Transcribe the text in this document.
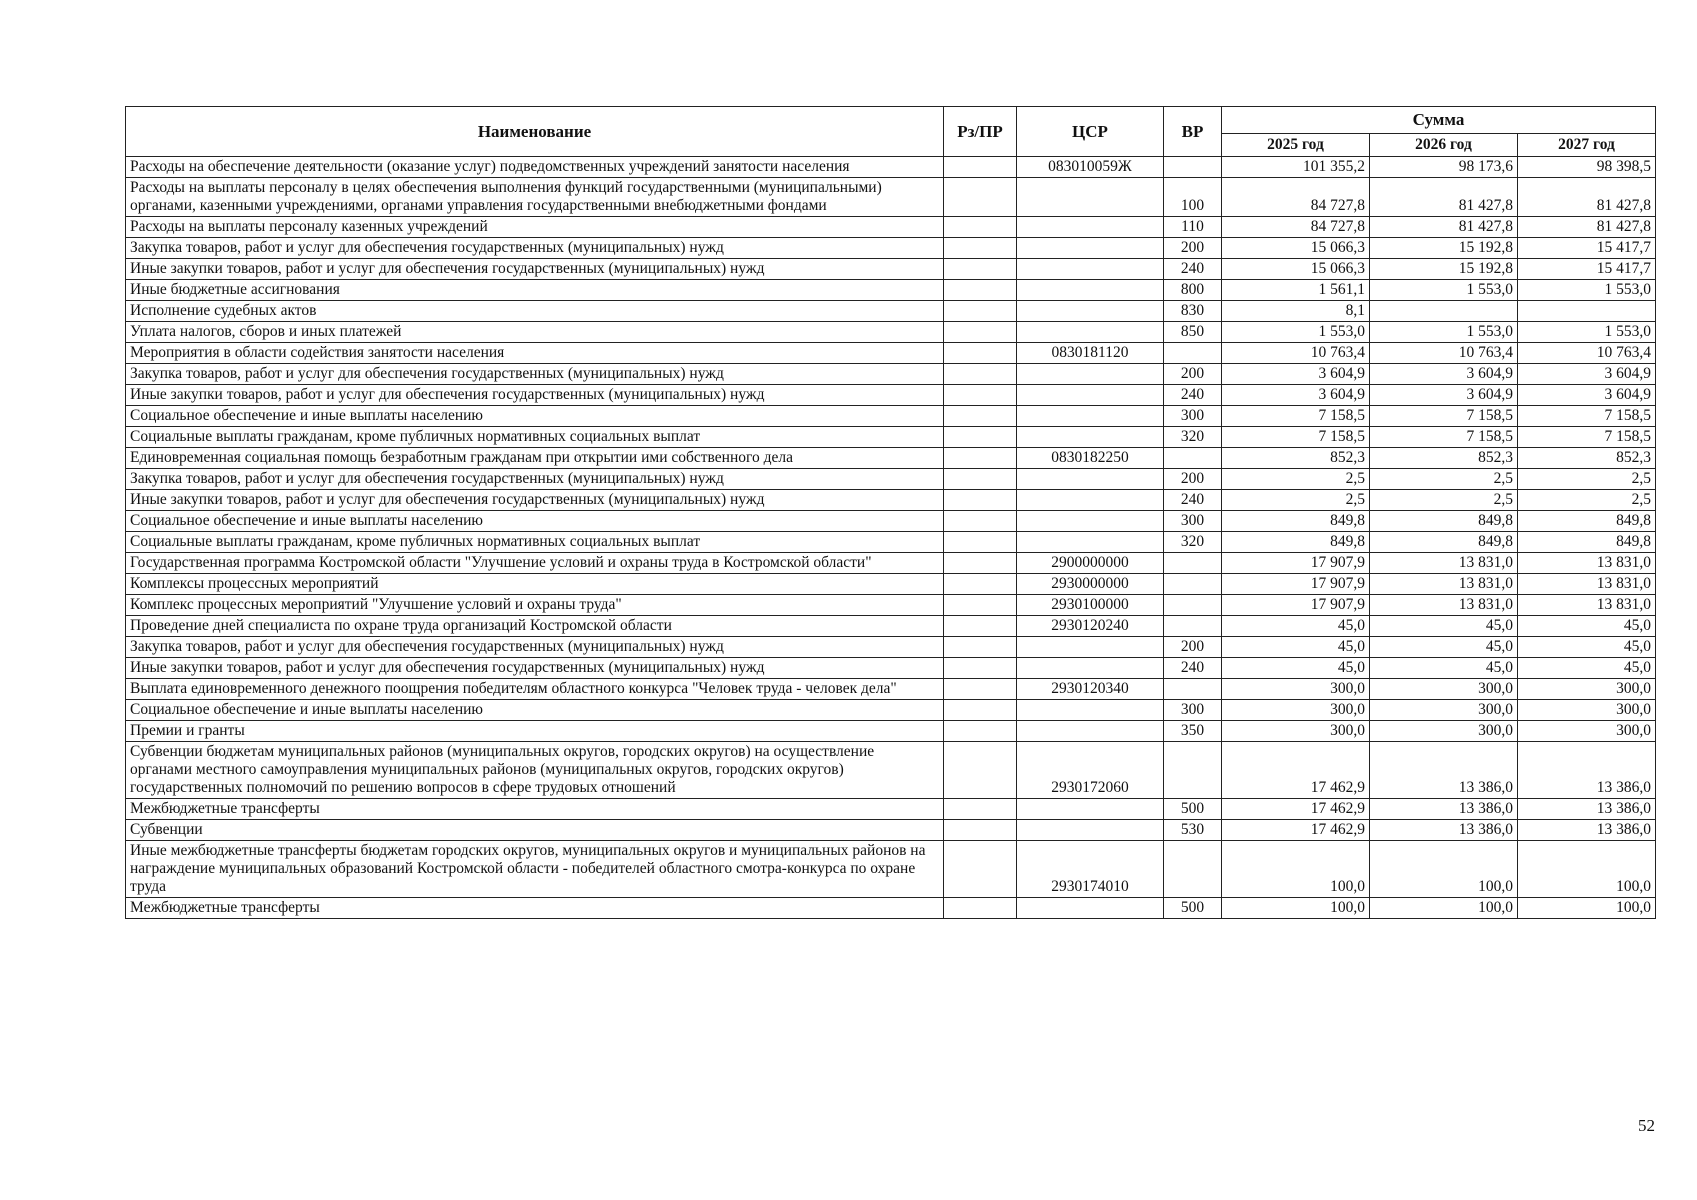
Наименование	Рз/ПР	ЦСР	ВР	Сумма		
				2025 год	2026 год	2027 год
Расходы на обеспечение деятельности (оказание услуг) подведомственных учреждений занятости населения		083010059Ж		101 355,2	98 173,6	98 398,5
Расходы на выплаты персоналу в целях обеспечения выполнения функций государственными (муниципальными) органами, казенными учреждениями, органами управления государственными внебюджетными фондами			100	84 727,8	81 427,8	81 427,8
Расходы на выплаты персоналу казенных учреждений			110	84 727,8	81 427,8	81 427,8
Закупка товаров, работ и услуг для обеспечения государственных (муниципальных) нужд			200	15 066,3	15 192,8	15 417,7
Иные закупки товаров, работ и услуг для обеспечения государственных (муниципальных) нужд			240	15 066,3	15 192,8	15 417,7
Иные бюджетные ассигнования			800	1 561,1	1 553,0	1 553,0
Исполнение судебных актов			830	8,1		
Уплата налогов, сборов и иных платежей			850	1 553,0	1 553,0	1 553,0
Мероприятия в области содействия занятости населения		0830181120		10 763,4	10 763,4	10 763,4
Закупка товаров, работ и услуг для обеспечения государственных (муниципальных) нужд			200	3 604,9	3 604,9	3 604,9
Иные закупки товаров, работ и услуг для обеспечения государственных (муниципальных) нужд			240	3 604,9	3 604,9	3 604,9
Социальное обеспечение и иные выплаты населению			300	7 158,5	7 158,5	7 158,5
Социальные выплаты гражданам, кроме публичных нормативных социальных выплат			320	7 158,5	7 158,5	7 158,5
Единовременная социальная помощь безработным гражданам при открытии ими собственного дела		0830182250		852,3	852,3	852,3
Закупка товаров, работ и услуг для обеспечения государственных (муниципальных) нужд			200	2,5	2,5	2,5
Иные закупки товаров, работ и услуг для обеспечения государственных (муниципальных) нужд			240	2,5	2,5	2,5
Социальное обеспечение и иные выплаты населению			300	849,8	849,8	849,8
Социальные выплаты гражданам, кроме публичных нормативных социальных выплат			320	849,8	849,8	849,8
Государственная программа Костромской области "Улучшение условий и охраны труда в Костромской области"		2900000000		17 907,9	13 831,0	13 831,0
Комплексы процессных мероприятий		2930000000		17 907,9	13 831,0	13 831,0
Комплекс процессных мероприятий "Улучшение условий и охраны труда"		2930100000		17 907,9	13 831,0	13 831,0
Проведение дней специалиста по охране труда организаций Костромской области		2930120240		45,0	45,0	45,0
Закупка товаров, работ и услуг для обеспечения государственных (муниципальных) нужд			200	45,0	45,0	45,0
Иные закупки товаров, работ и услуг для обеспечения государственных (муниципальных) нужд			240	45,0	45,0	45,0
Выплата единовременного денежного поощрения победителям областного конкурса "Человек труда - человек дела"		2930120340		300,0	300,0	300,0
Социальное обеспечение и иные выплаты населению			300	300,0	300,0	300,0
Премии и гранты			350	300,0	300,0	300,0
Субвенции бюджетам муниципальных районов (муниципальных округов, городских округов) на осуществление органами местного самоуправления муниципальных районов (муниципальных округов, городских округов) государственных полномочий по решению вопросов в сфере трудовых отношений		2930172060		17 462,9	13 386,0	13 386,0
Межбюджетные трансферты			500	17 462,9	13 386,0	13 386,0
Субвенции			530	17 462,9	13 386,0	13 386,0
Иные межбюджетные трансферты бюджетам городских округов, муниципальных округов и муниципальных районов на награждение муниципальных образований Костромской области - победителей областного смотра-конкурса по охране труда		2930174010		100,0	100,0	100,0
Межбюджетные трансферты			500	100,0	100,0	100,0
52
